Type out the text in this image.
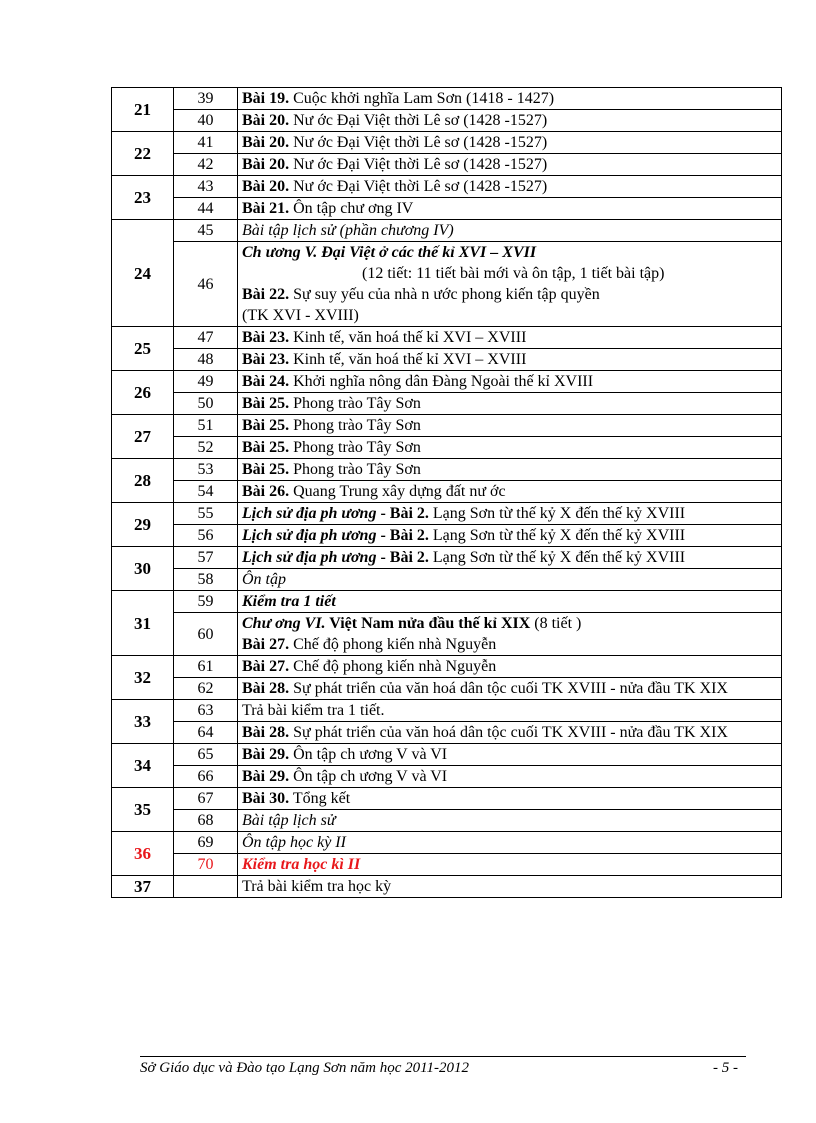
21	39	Bài 19. Cuộc khởi nghĩa Lam Sơn (1418 - 1427)
	40	Bài 20. Nư ớc Đại Việt thời Lê sơ (1428 -1527)
22	41	Bài 20. Nư ớc Đại Việt thời Lê sơ (1428 -1527)
	42	Bài 20. Nư ớc Đại Việt thời Lê sơ (1428 -1527)
23	43	Bài 20. Nư ớc Đại Việt thời Lê sơ (1428 -1527)
	44	Bài 21. Ôn tập chư ơng IV
24	45	Bài tập lịch sử (phần chương IV)
	46	Ch ương V. Đại Việt ở các thế kỉ XVI – XVII

(12 tiết: 11 tiết bài mới và ôn tập, 1 tiết bài tập)
Bài 22. Sự suy yếu của nhà n ước phong kiến tập quyền
(TK XVI - XVIII)
25	47	Bài 23. Kinh tế, văn hoá thế kỉ XVI – XVIII
	48	Bài 23. Kinh tế, văn hoá thế kỉ XVI – XVIII
26	49	Bài 24. Khởi nghĩa nông dân Đàng Ngoài thế kỉ XVIII
	50	Bài 25. Phong trào Tây Sơn
27	51	Bài 25. Phong trào Tây Sơn
	52	Bài 25. Phong trào Tây Sơn
28	53	Bài 25. Phong trào Tây Sơn
	54	Bài 26. Quang Trung xây dựng đất nư ớc
29	55	Lịch sử địa ph ương - Bài 2. Lạng Sơn từ thế kỷ X đến thế kỷ XVIII
	56	Lịch sử địa ph ương - Bài 2. Lạng Sơn từ thế kỷ X đến thế kỷ XVIII
30	57	Lịch sử địa ph ương - Bài 2. Lạng Sơn từ thế kỷ X đến thế kỷ XVIII
	58	Ôn tập
31	59	Kiểm tra 1 tiết
	60	Chư ơng VI. Việt Nam nửa đầu thế kỉ XIX (8 tiết )
Bài 27. Chế độ phong kiến nhà Nguyễn
32	61	Bài 27. Chế độ phong kiến nhà Nguyễn
	62	Bài 28. Sự phát triển của văn hoá dân tộc cuối TK XVIII - nửa đầu TK XIX
33	63	Trả bài kiểm tra 1 tiết.
	64	Bài 28. Sự phát triển của văn hoá dân tộc cuối TK XVIII - nửa đầu TK XIX
34	65	Bài 29. Ôn tập ch ương V và VI
	66	Bài 29. Ôn tập ch ương V và VI
35	67	Bài 30. Tổng kết
	68	Bài tập lịch sử
36	69	Ôn tập học kỳ II
	70	Kiểm tra học kì II
37		Trả bài kiểm tra học kỳ
Sở Giáo dục và Đào tạo Lạng Sơn năm học 2011-2012	- 5 -
